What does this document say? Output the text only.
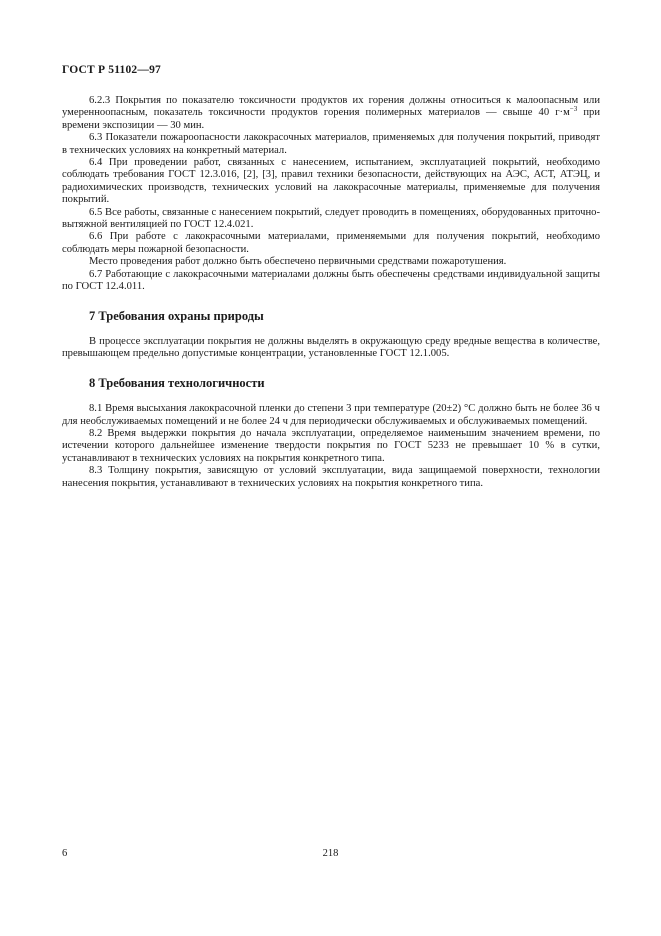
ГОСТ Р 51102—97

6.2.3 Покрытия по показателю токсичности продуктов их горения должны относиться к малоопасным или умеренноопасным, показатель токсичности продуктов горения полимерных материалов — свыше 40 $г\cdot м^{-3}$ при времени экспозиции — 30 мин.

6.3 Показатели пожароопасности лакокрасочных материалов, применяемых для получения покрытий, приводят в технических условиях на конкретный материал.

6.4 При проведении работ, связанных с нанесением, испытанием, эксплуатацией покрытий, необходимо соблюдать требования ГОСТ 12.3.016, [2], [3], правил техники безопасности, действующих на АЭС, АСТ, АТЭЦ, и радиохимических производств, технических условий на лакокрасочные материалы, применяемые для получения покрытий.

6.5 Все работы, связанные с нанесением покрытий, следует проводить в помещениях, оборудованных приточно-вытяжной вентиляцией по ГОСТ 12.4.021.

6.6 При работе с лакокрасочными материалами, применяемыми для получения покрытий, необходимо соблюдать меры пожарной безопасности.

Место проведения работ должно быть обеспечено первичными средствами пожаротушения.

6.7 Работающие с лакокрасочными материалами должны быть обеспечены средствами индивидуальной защиты по ГОСТ 12.4.011.

7 Требования охраны природы

В процессе эксплуатации покрытия не должны выделять в окружающую среду вредные вещества в количестве, превышающем предельно допустимые концентрации, установленные ГОСТ 12.1.005.

8 Требования технологичности

8.1 Время высыхания лакокрасочной пленки до степени 3 при температуре (20±2) °С должно быть не более 36 ч для необслуживаемых помещений и не более 24 ч для периодически обслуживаемых и обслуживаемых помещений.

8.2 Время выдержки покрытия до начала эксплуатации, определяемое наименьшим значением времени, по истечении которого дальнейшее изменение твердости покрытия по ГОСТ 5233 не превышает 10 % в сутки, устанавливают в технических условиях на покрытия конкретного типа.

8.3 Толщину покрытия, зависящую от условий эксплуатации, вида защищаемой поверхности, технологии нанесения покрытия, устанавливают в технических условиях на покрытия конкретного типа.

6	218
